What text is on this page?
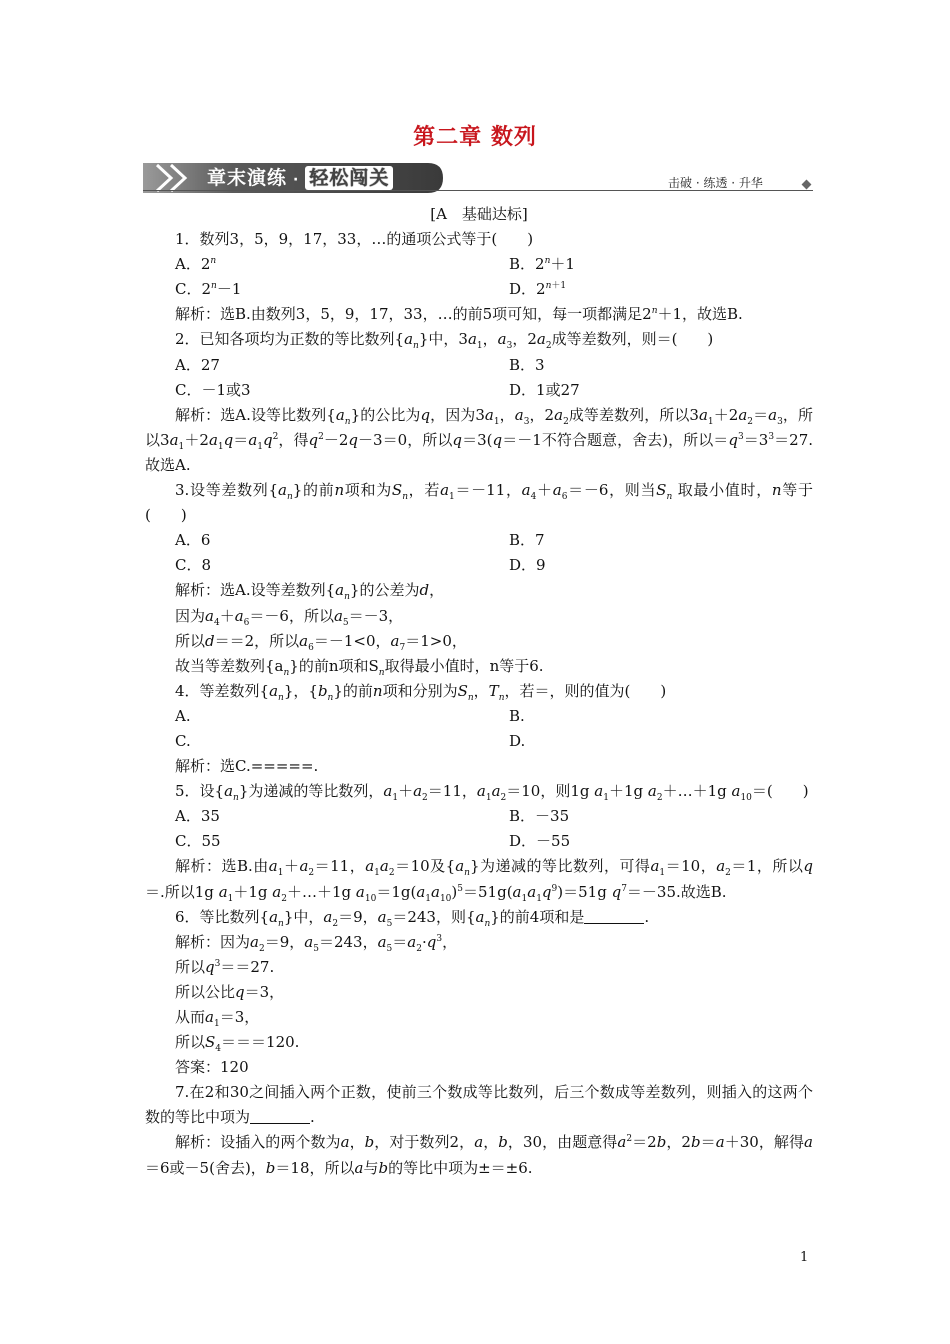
第二章 数列
章末演练 · 轻松闯关	击破 · 练透 · 升华
[A　基础达标]
1．数列3，5，9，17，33，…的通项公式等于(　　)
A．2$^n$	B．$2^n+1$
C．$2^n-1$	D．$2^{n+1}$
解析：选B.由数列3，5，9，17，33，…的前5项可知，每一项都满足$2^n+1$，故选B.
2．已知各项均为正数的等比数列$\{a_n\}$中，$3a_1$，$a_3$，$2a_2$成等差数列，则＝(　　)
A．27	B．3
C．－1或3	D．1或27
解析：选A.设等比数列$\{a_n\}$的公比为q，因为$3a_1$，$a_3$，$2a_2$成等差数列，所以$3a_1+2a_2=a_3$，所以$3a_1+2a_1q=a_1q^2$，得$q^2-2q-3=0$，所以q＝3(q＝－1不符合题意，舍去)，所以$=q^3=3^3=27$.故选A.
3.设等差数列$\{a_n\}$的前n项和为$S_n$，若$a_1=-11$，$a_4+a_6=-6$，则当$S_n$ 取最小值时，n等于(　　)
A．6	B．7
C．8	D．9
解析：选A.设等差数列$\{a_n\}$的公差为d，
因为$a_4+a_6=-6$，所以$a_5=-3$，
所以d＝＝2，所以$a_6=-1<0$，$a_7=1>0$，
故当等差数列$\{a_n\}$的前n项和$S_n$取得最小值时，n等于6.
4．等差数列$\{a_n\}$，$\{b_n\}$的前n项和分别为$S_n$，$T_n$，若＝，则的值为(　　)
A.	B.
C.	D.
解析：选C.=====.
5．设$\{a_n\}$为递减的等比数列，$a_1+a_2=11$，$a_1a_2=10$，则1g $a_1+1g$ $a_2+\dots+1g$ $a_{10}=$(　　)
A．35	B．－35
C．55	D．－55
解析：选B.由$a_1+a_2=11$，$a_1a_2=10$及$\{a_n\}$为递减的等比数列，可得$a_1=10$，$a_2=1$，所以q＝.所以1g $a_1+1g$ $a_2+\dots+1g$ $a_{10}=1g(a_1a_{10})^5=51g(a_1a_1q^9)=51g$ $q^7=-35$.故选B.
6．等比数列$\{a_n\}$中，$a_2=9$，$a_5=243$，则$\{a_n\}$的前4项和是	.
解析：因为$a_2=9$，$a_5=243$，$a_5=a_2\cdot q^3$，
所以$q^3==27$.
所以公比q＝3，
从而$a_1=3$，
所以$S_4===120$.
答案：120
7.在2和30之间插入两个正数，使前三个数成等比数列，后三个数成等差数列，则插入的这两个数的等比中项为	.
解析：设插入的两个数为a，b，对于数列2，a，b，30，由题意得$a^2=2b$，2b＝a＋30，解得a＝6或－5(舍去)，b＝18，所以a与b的等比中项为±＝±6.
1
